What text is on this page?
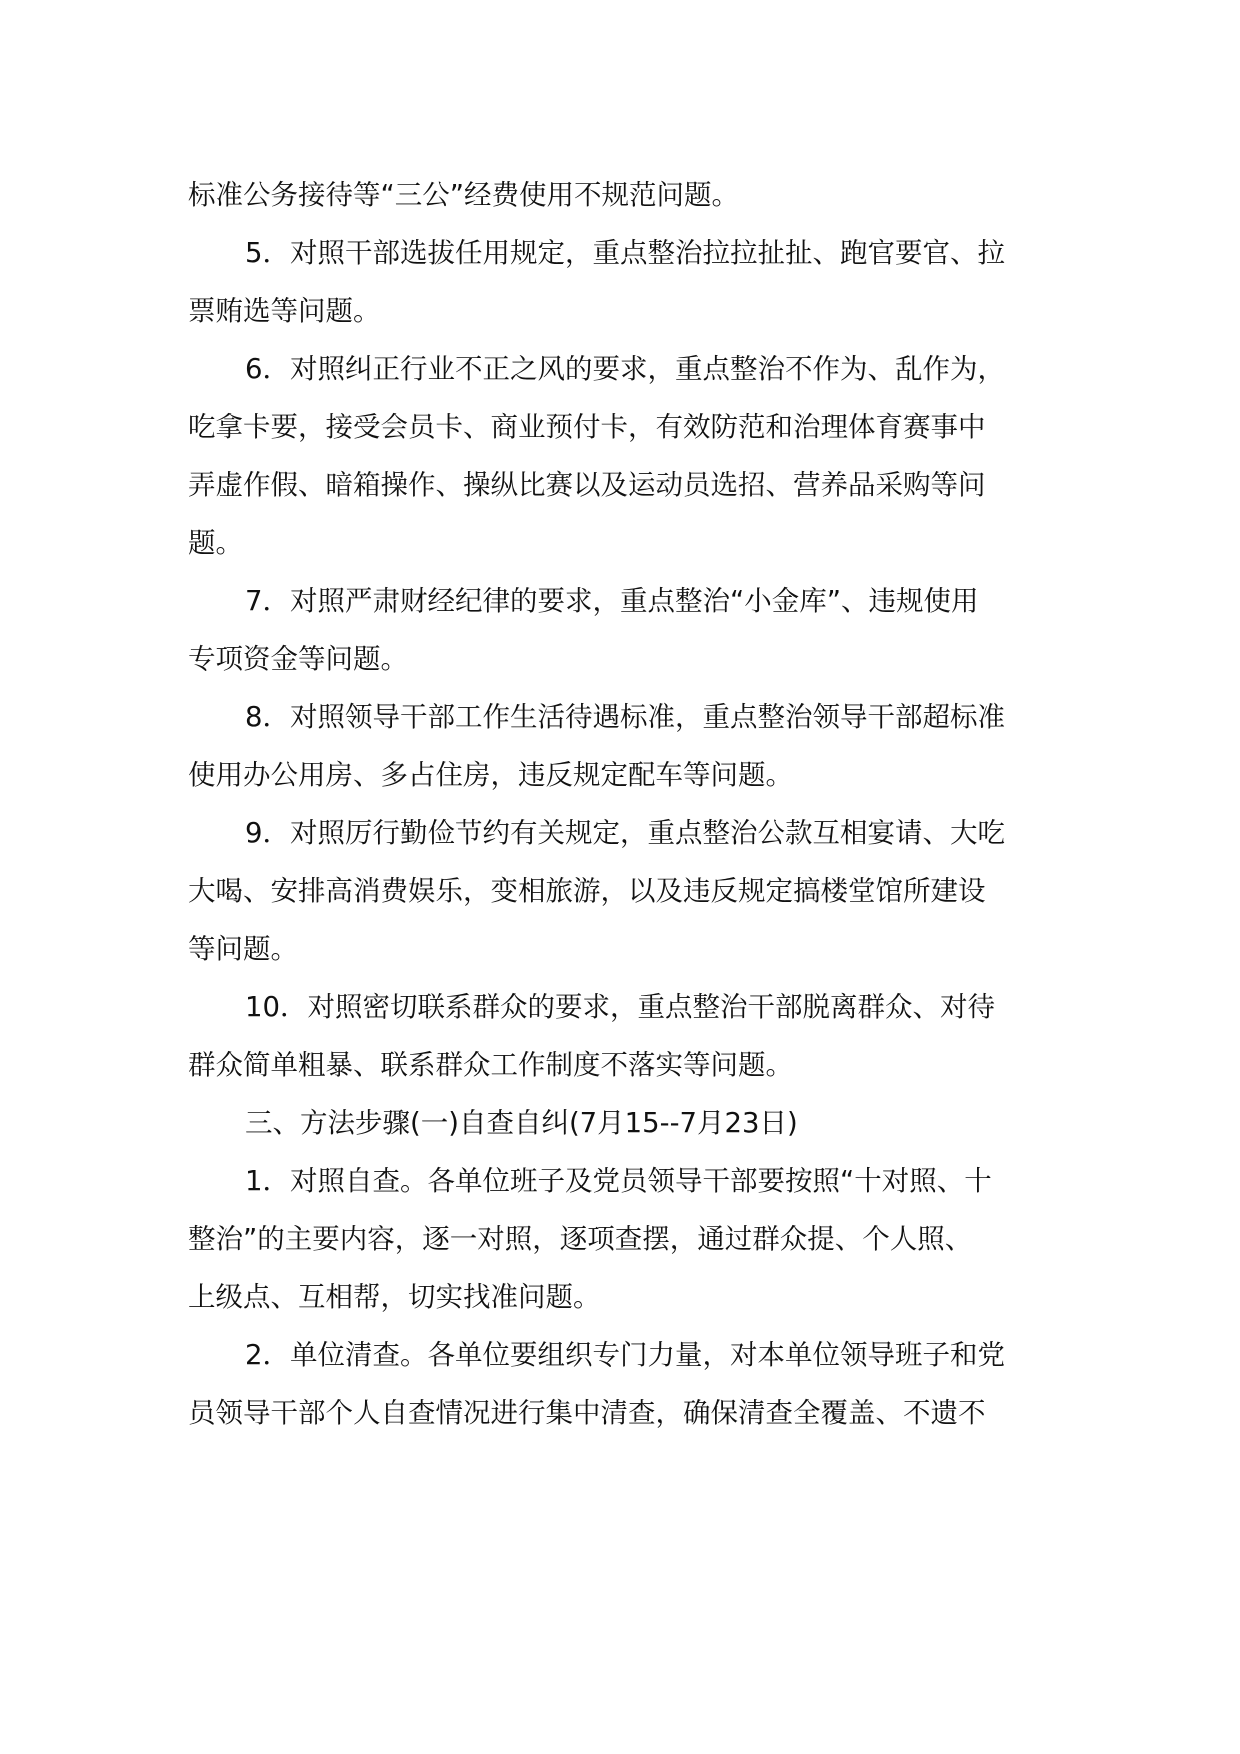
标准公务接待等“三公”经费使用不规范问题。
5．对照干部选拔任用规定，重点整治拉拉扯扯、跑官要官、拉
票贿选等问题。
6．对照纠正行业不正之风的要求，重点整治不作为、乱作为，
吃拿卡要，接受会员卡、商业预付卡，有效防范和治理体育赛事中
弄虚作假、暗箱操作、操纵比赛以及运动员选招、营养品采购等问
题。
7．对照严肃财经纪律的要求，重点整治“小金库”、违规使用
专项资金等问题。
8．对照领导干部工作生活待遇标准，重点整治领导干部超标准
使用办公用房、多占住房，违反规定配车等问题。
9．对照厉行勤俭节约有关规定，重点整治公款互相宴请、大吃
大喝、安排高消费娱乐，变相旅游，以及违反规定搞楼堂馆所建设
等问题。
10．对照密切联系群众的要求，重点整治干部脱离群众、对待
群众简单粗暴、联系群众工作制度不落实等问题。
三、方法步骤(一)自查自纠(7月15--7月23日)
1．对照自查。各单位班子及党员领导干部要按照“十对照、十
整治”的主要内容，逐一对照，逐项查摆，通过群众提、个人照、
上级点、互相帮，切实找准问题。
2．单位清查。各单位要组织专门力量，对本单位领导班子和党
员领导干部个人自查情况进行集中清查，确保清查全覆盖、不遗不
